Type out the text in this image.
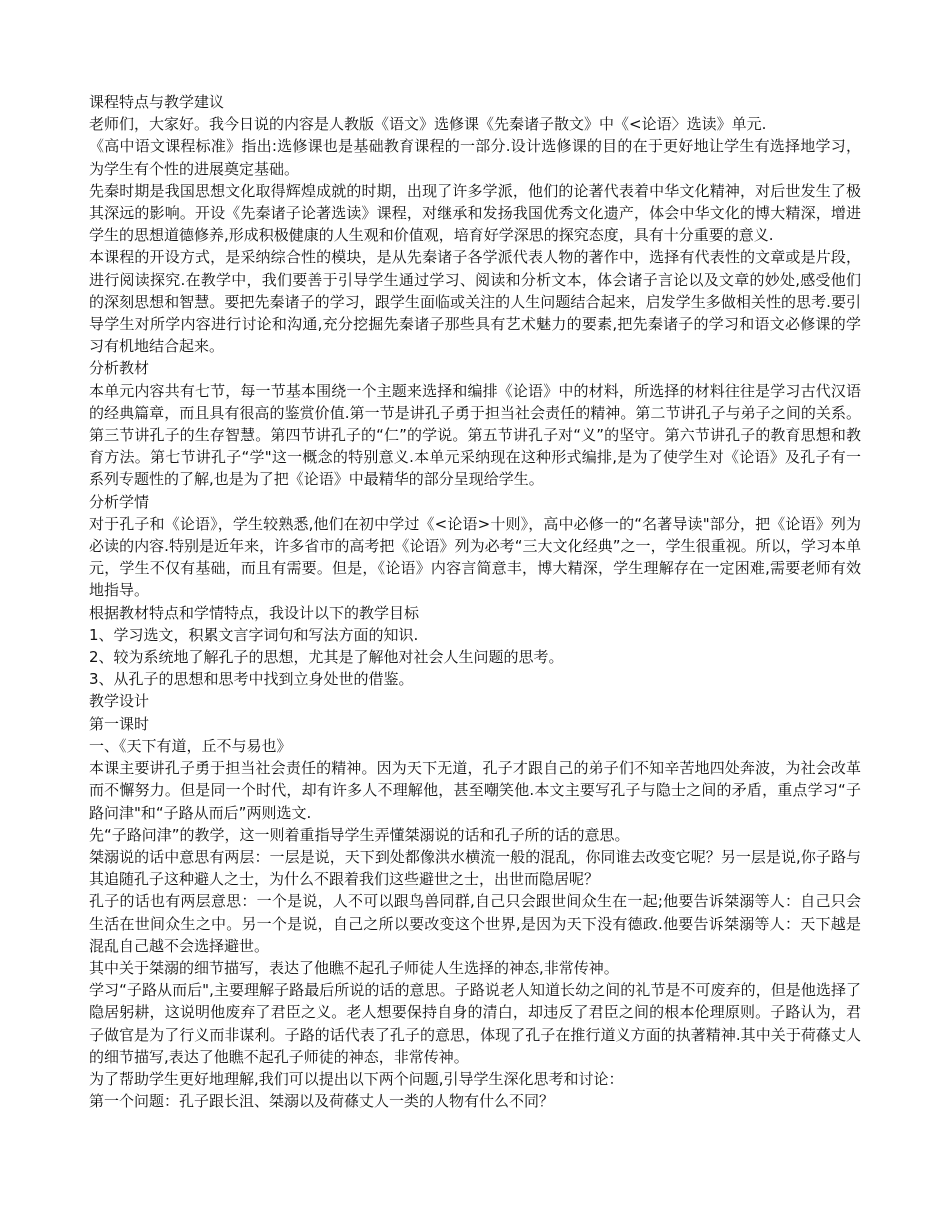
课程特点与教学建议

老师们，大家好。我今日说的内容是人教版《语文》选修课《先秦诸子散文》中《<论语〉选读》单元.

《高中语文课程标准》指出:选修课也是基础教育课程的一部分.设计选修课的目的在于更好地让学生有选择地学习，为学生有个性的进展奠定基础。

先秦时期是我国思想文化取得辉煌成就的时期，出现了许多学派，他们的论著代表着中华文化精神，对后世发生了极其深远的影响。开设《先秦诸子论著选读》课程，对继承和发扬我国优秀文化遗产，体会中华文化的博大精深，增进学生的思想道德修养,形成积极健康的人生观和价值观，培育好学深思的探究态度，具有十分重要的意义.

本课程的开设方式，是采纳综合性的模块，是从先秦诸子各学派代表人物的著作中，选择有代表性的文章或是片段，进行阅读探究.在教学中，我们要善于引导学生通过学习、阅读和分析文本，体会诸子言论以及文章的妙处,感受他们的深刻思想和智慧。要把先秦诸子的学习，跟学生面临或关注的人生问题结合起来，启发学生多做相关性的思考.要引导学生对所学内容进行讨论和沟通,充分挖掘先秦诸子那些具有艺术魅力的要素,把先秦诸子的学习和语文必修课的学习有机地结合起来。

分析教材

本单元内容共有七节，每一节基本围绕一个主题来选择和编排《论语》中的材料，所选择的材料往往是学习古代汉语的经典篇章，而且具有很高的鉴赏价值.第一节是讲孔子勇于担当社会责任的精神。第二节讲孔子与弟子之间的关系。第三节讲孔子的生存智慧。第四节讲孔子的“仁”的学说。第五节讲孔子对“义”的坚守。第六节讲孔子的教育思想和教育方法。第七节讲孔子“学"这一概念的特别意义.本单元采纳现在这种形式编排,是为了使学生对《论语》及孔子有一系列专题性的了解,也是为了把《论语》中最精华的部分呈现给学生。

分析学情

对于孔子和《论语》，学生较熟悉,他们在初中学过《<论语>十则》，高中必修一的“名著导读"部分，把《论语》列为必读的内容.特别是近年来，许多省市的高考把《论语》列为必考“三大文化经典”之一，学生很重视。所以，学习本单元，学生不仅有基础，而且有需要。但是，《论语》内容言简意丰，博大精深，学生理解存在一定困难,需要老师有效地指导。

根据教材特点和学情特点，我设计以下的教学目标

1、学习选文，积累文言字词句和写法方面的知识.

2、较为系统地了解孔子的思想，尤其是了解他对社会人生问题的思考。

3、从孔子的思想和思考中找到立身处世的借鉴。

教学设计

第一课时

一、《天下有道，丘不与易也》

本课主要讲孔子勇于担当社会责任的精神。因为天下无道，孔子才跟自己的弟子们不知辛苦地四处奔波，为社会改革而不懈努力。但是同一个时代，却有许多人不理解他，甚至嘲笑他.本文主要写孔子与隐士之间的矛盾，重点学习“子路问津"和“子路从而后”两则选文.

先“子路问津”的教学，这一则着重指导学生弄懂桀溺说的话和孔子所的话的意思。

桀溺说的话中意思有两层：一层是说，天下到处都像洪水横流一般的混乱，你同谁去改变它呢？另一层是说,你子路与其追随孔子这种避人之士，为什么不跟着我们这些避世之士，出世而隐居呢？

孔子的话也有两层意思：一个是说，人不可以跟鸟兽同群,自己只会跟世间众生在一起;他要告诉桀溺等人：自己只会生活在世间众生之中。另一个是说，自己之所以要改变这个世界,是因为天下没有德政.他要告诉桀溺等人：天下越是混乱自己越不会选择避世。

其中关于桀溺的细节描写，表达了他瞧不起孔子师徒人生选择的神态,非常传神。

学习“子路从而后",主要理解子路最后所说的话的意思。子路说老人知道长幼之间的礼节是不可废弃的，但是他选择了隐居躬耕，这说明他废弃了君臣之义。老人想要保持自身的清白，却违反了君臣之间的根本伦理原则。子路认为，君子做官是为了行义而非谋利。子路的话代表了孔子的意思，体现了孔子在推行道义方面的执著精神.其中关于荷蓧丈人的细节描写,表达了他瞧不起孔子师徒的神态，非常传神。

为了帮助学生更好地理解,我们可以提出以下两个问题,引导学生深化思考和讨论：

第一个问题：孔子跟长沮、桀溺以及荷蓧丈人一类的人物有什么不同？
